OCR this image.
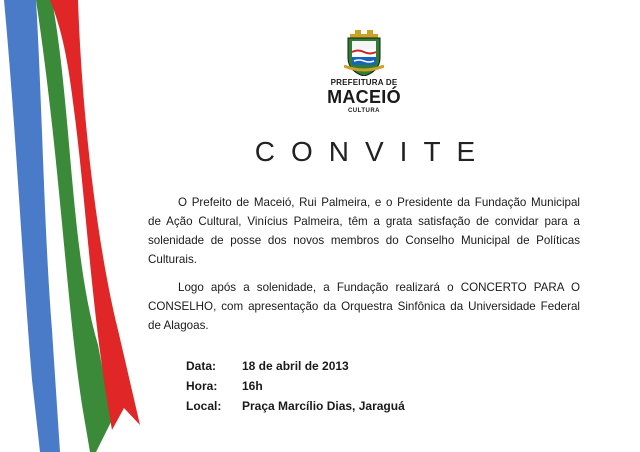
PREFEITURA DE
MACEIÓ
CULTURA
CONVITE
O Prefeito de Maceió, Rui Palmeira, e o Presidente da Fundação Municipal de Ação Cultural, Vinícius Palmeira, têm a grata satisfação de convidar para a solenidade de posse dos novos membros do Conselho Municipal de Políticas Culturais.
Logo após a solenidade, a Fundação realizará o CONCERTO PARA O CONSELHO, com apresentação da Orquestra Sinfônica da Universidade Federal de Alagoas.
Data:	18 de abril de 2013
Hora:	16h
Local:	Praça Marcílio Dias, Jaraguá
